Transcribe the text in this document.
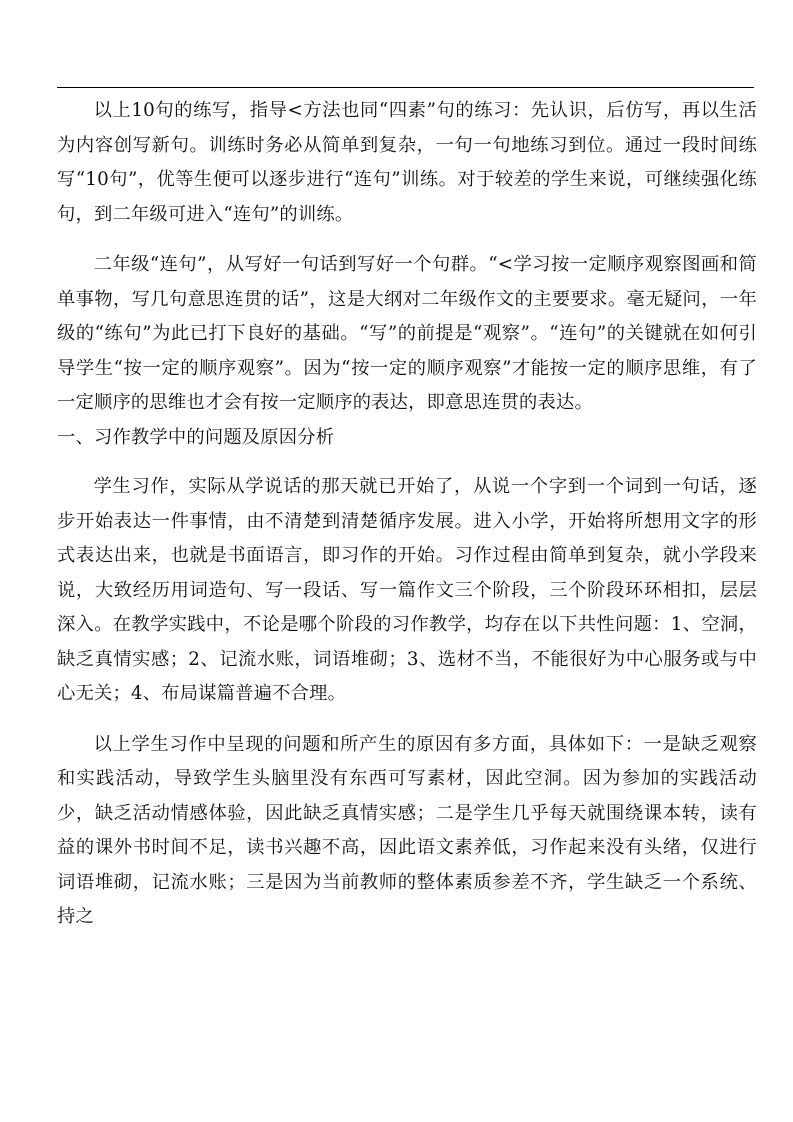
以上10句的练写，指导<方法也同“四素”句的练习：先认识，后仿写，再以生活为内容创写新句。训练时务必从简单到复杂，一句一句地练习到位。通过一段时间练写“10句”，优等生便可以逐步进行“连句”训练。对于较差的学生来说，可继续强化练句，到二年级可进入“连句”的训练。

二年级“连句”，从写好一句话到写好一个句群。“<学习按一定顺序观察图画和简单事物，写几句意思连贯的话”，这是大纲对二年级作文的主要要求。毫无疑问，一年级的“练句”为此已打下良好的基础。“写”的前提是“观察”。“连句”的关键就在如何引导学生“按一定的顺序观察”。因为“按一定的顺序观察”才能按一定的顺序思维，有了一定顺序的思维也才会有按一定顺序的表达，即意思连贯的表达。

一、习作教学中的问题及原因分析

学生习作，实际从学说话的那天就已开始了，从说一个字到一个词到一句话，逐步开始表达一件事情，由不清楚到清楚循序发展。进入小学，开始将所想用文字的形式表达出来，也就是书面语言，即习作的开始。习作过程由简单到复杂，就小学段来说，大致经历用词造句、写一段话、写一篇作文三个阶段，三个阶段环环相扣，层层深入。在教学实践中，不论是哪个阶段的习作教学，均存在以下共性问题：1、空洞，缺乏真情实感；2、记流水账，词语堆砌；3、选材不当，不能很好为中心服务或与中心无关；4、布局谋篇普遍不合理。

以上学生习作中呈现的问题和所产生的原因有多方面，具体如下：一是缺乏观察和实践活动，导致学生头脑里没有东西可写素材，因此空洞。因为参加的实践活动少，缺乏活动情感体验，因此缺乏真情实感；二是学生几乎每天就围绕课本转，读有益的课外书时间不足，读书兴趣不高，因此语文素养低，习作起来没有头绪，仅进行词语堆砌，记流水账；三是因为当前教师的整体素质参差不齐，学生缺乏一个系统、持之
